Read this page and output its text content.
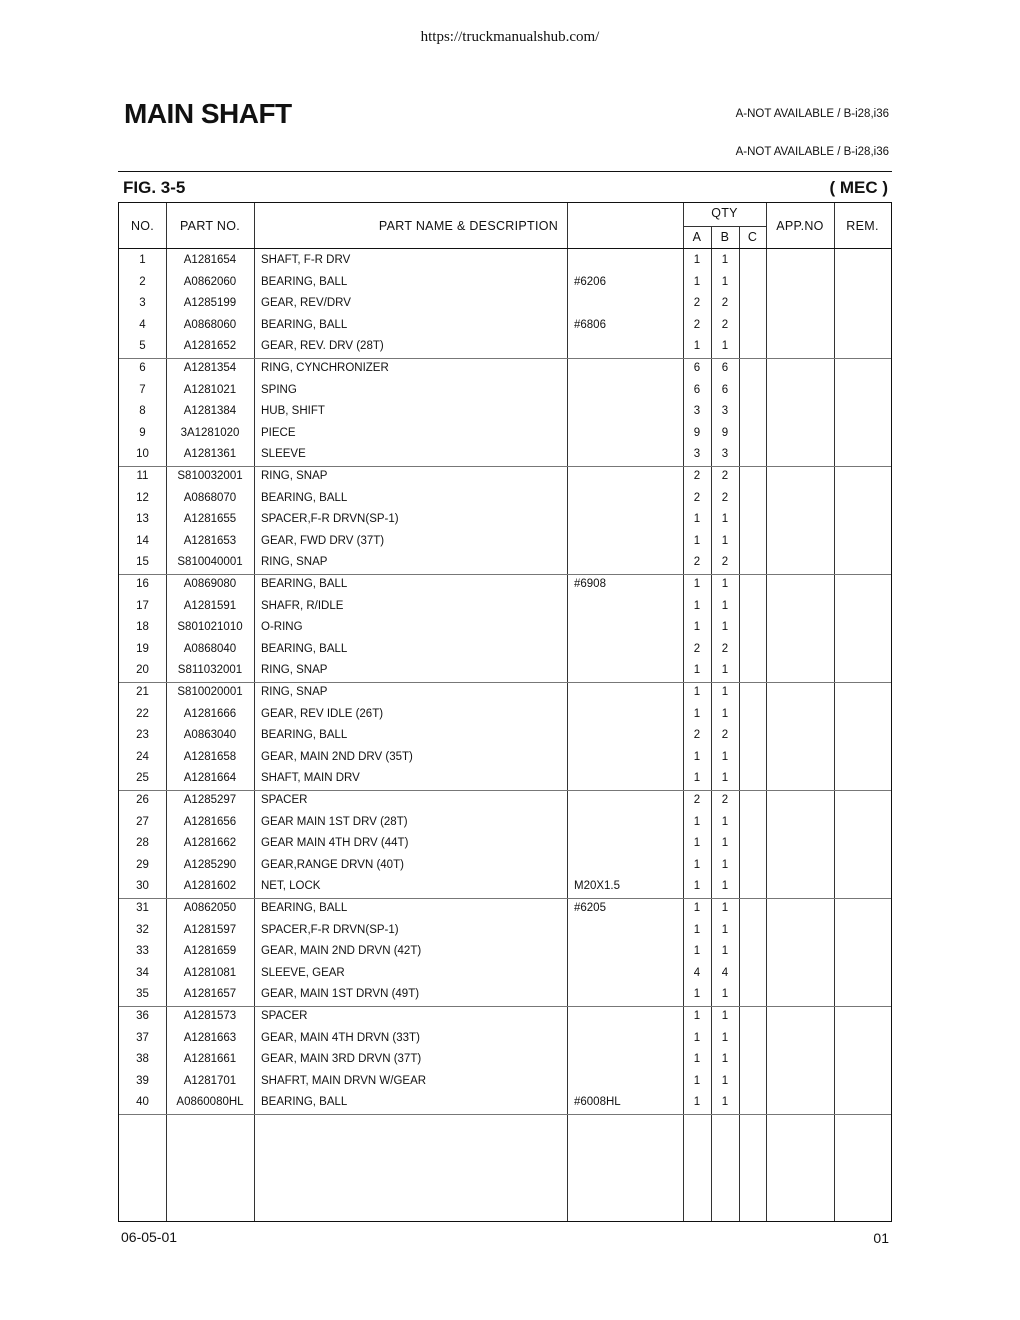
https://truckmanualshub.com/
MAIN SHAFT	A-NOT AVAILABLE / B-i28,i36
A-NOT AVAILABLE / B-i28,i36
FIG. 3-5	( MEC )
NO.	PART NO.	PART NAME & DESCRIPTION
QTY
A	B	C
APP.NO	REM.
1	A1281654	SHAFT, F-R DRV	1	1
2	A0862060	BEARING, BALL	#6206	1	1
3	A1285199	GEAR, REV/DRV	2	2
4	A0868060	BEARING, BALL	#6806	2	2
5	A1281652	GEAR, REV. DRV (28T)	1	1
6	A1281354	RING, CYNCHRONIZER	6	6
7	A1281021	SPING	6	6
8	A1281384	HUB, SHIFT	3	3
9	3A1281020	PIECE	9	9
10	A1281361	SLEEVE	3	3
11	S810032001	RING, SNAP	2	2
12	A0868070	BEARING, BALL	2	2
13	A1281655	SPACER,F-R DRVN(SP-1)	1	1
14	A1281653	GEAR, FWD DRV (37T)	1	1
15	S810040001	RING, SNAP	2	2
16	A0869080	BEARING, BALL	#6908	1	1
17	A1281591	SHAFR, R/IDLE	1	1
18	S801021010	O-RING	1	1
19	A0868040	BEARING, BALL	2	2
20	S811032001	RING, SNAP	1	1
21	S810020001	RING, SNAP	1	1
22	A1281666	GEAR, REV IDLE (26T)	1	1
23	A0863040	BEARING, BALL	2	2
24	A1281658	GEAR, MAIN 2ND DRV (35T)	1	1
25	A1281664	SHAFT, MAIN DRV	1	1
26	A1285297	SPACER	2	2
27	A1281656	GEAR MAIN 1ST DRV (28T)	1	1
28	A1281662	GEAR MAIN 4TH DRV (44T)	1	1
29	A1285290	GEAR,RANGE DRVN (40T)	1	1
30	A1281602	NET, LOCK	M20X1.5	1	1
31	A0862050	BEARING, BALL	#6205	1	1
32	A1281597	SPACER,F-R DRVN(SP-1)	1	1
33	A1281659	GEAR, MAIN 2ND DRVN (42T)	1	1
34	A1281081	SLEEVE, GEAR	4	4
35	A1281657	GEAR, MAIN 1ST DRVN (49T)	1	1
36	A1281573	SPACER	1	1
37	A1281663	GEAR, MAIN 4TH DRVN (33T)	1	1
38	A1281661	GEAR, MAIN 3RD DRVN (37T)	1	1
39	A1281701	SHAFRT, MAIN DRVN W/GEAR	1	1
40	A0860080HL	BEARING, BALL	#6008HL	1	1
06-05-01	01
